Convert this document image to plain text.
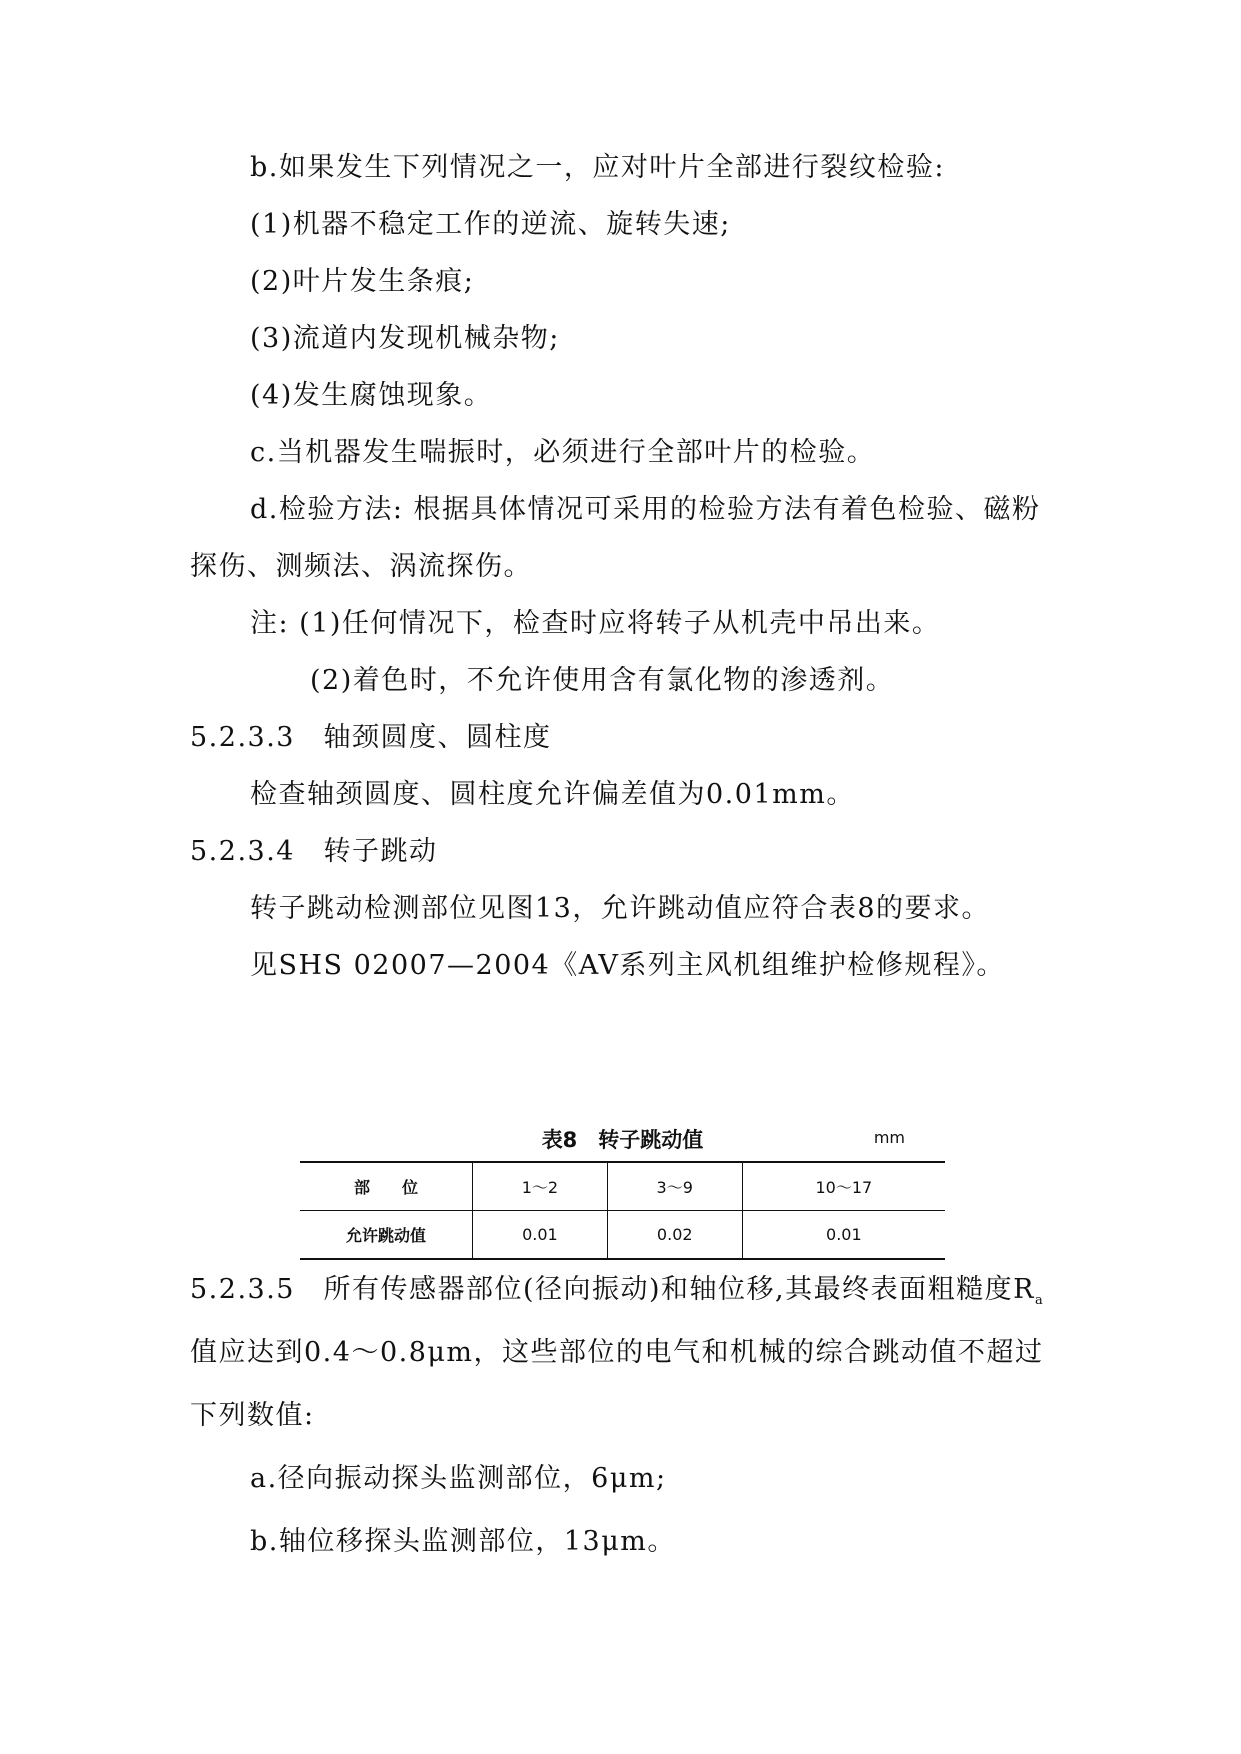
b.如果发生下列情况之一，应对叶片全部进行裂纹检验:
(1)机器不稳定工作的逆流、旋转失速;
(2)叶片发生条痕;
(3)流道内发现机械杂物;
(4)发生腐蚀现象。
c.当机器发生喘振时，必须进行全部叶片的检验。
d.检验方法: 根据具体情况可采用的检验方法有着色检验、磁粉
探伤、测频法、涡流探伤。
注: (1)任何情况下，检查时应将转子从机壳中吊出来。
(2)着色时，不允许使用含有氯化物的渗透剂。
5.2.3.3　轴颈圆度、圆柱度
检查轴颈圆度、圆柱度允许偏差值为0.01mm。
5.2.3.4　转子跳动
转子跳动检测部位见图13，允许跳动值应符合表8的要求。
见SHS 02007—2004《AV系列主风机组维护检修规程》。
表8　转子跳动值	mm
部　　位	1～2	3～9	10～17
允许跳动值	0.01	0.02	0.01
5.2.3.5　所有传感器部位(径向振动)和轴位移,其最终表面粗糙度$R_a$
值应达到0.4～0.8μm，这些部位的电气和机械的综合跳动值不超过
下列数值:
a.径向振动探头监测部位，6μm;
b.轴位移探头监测部位，13μm。
